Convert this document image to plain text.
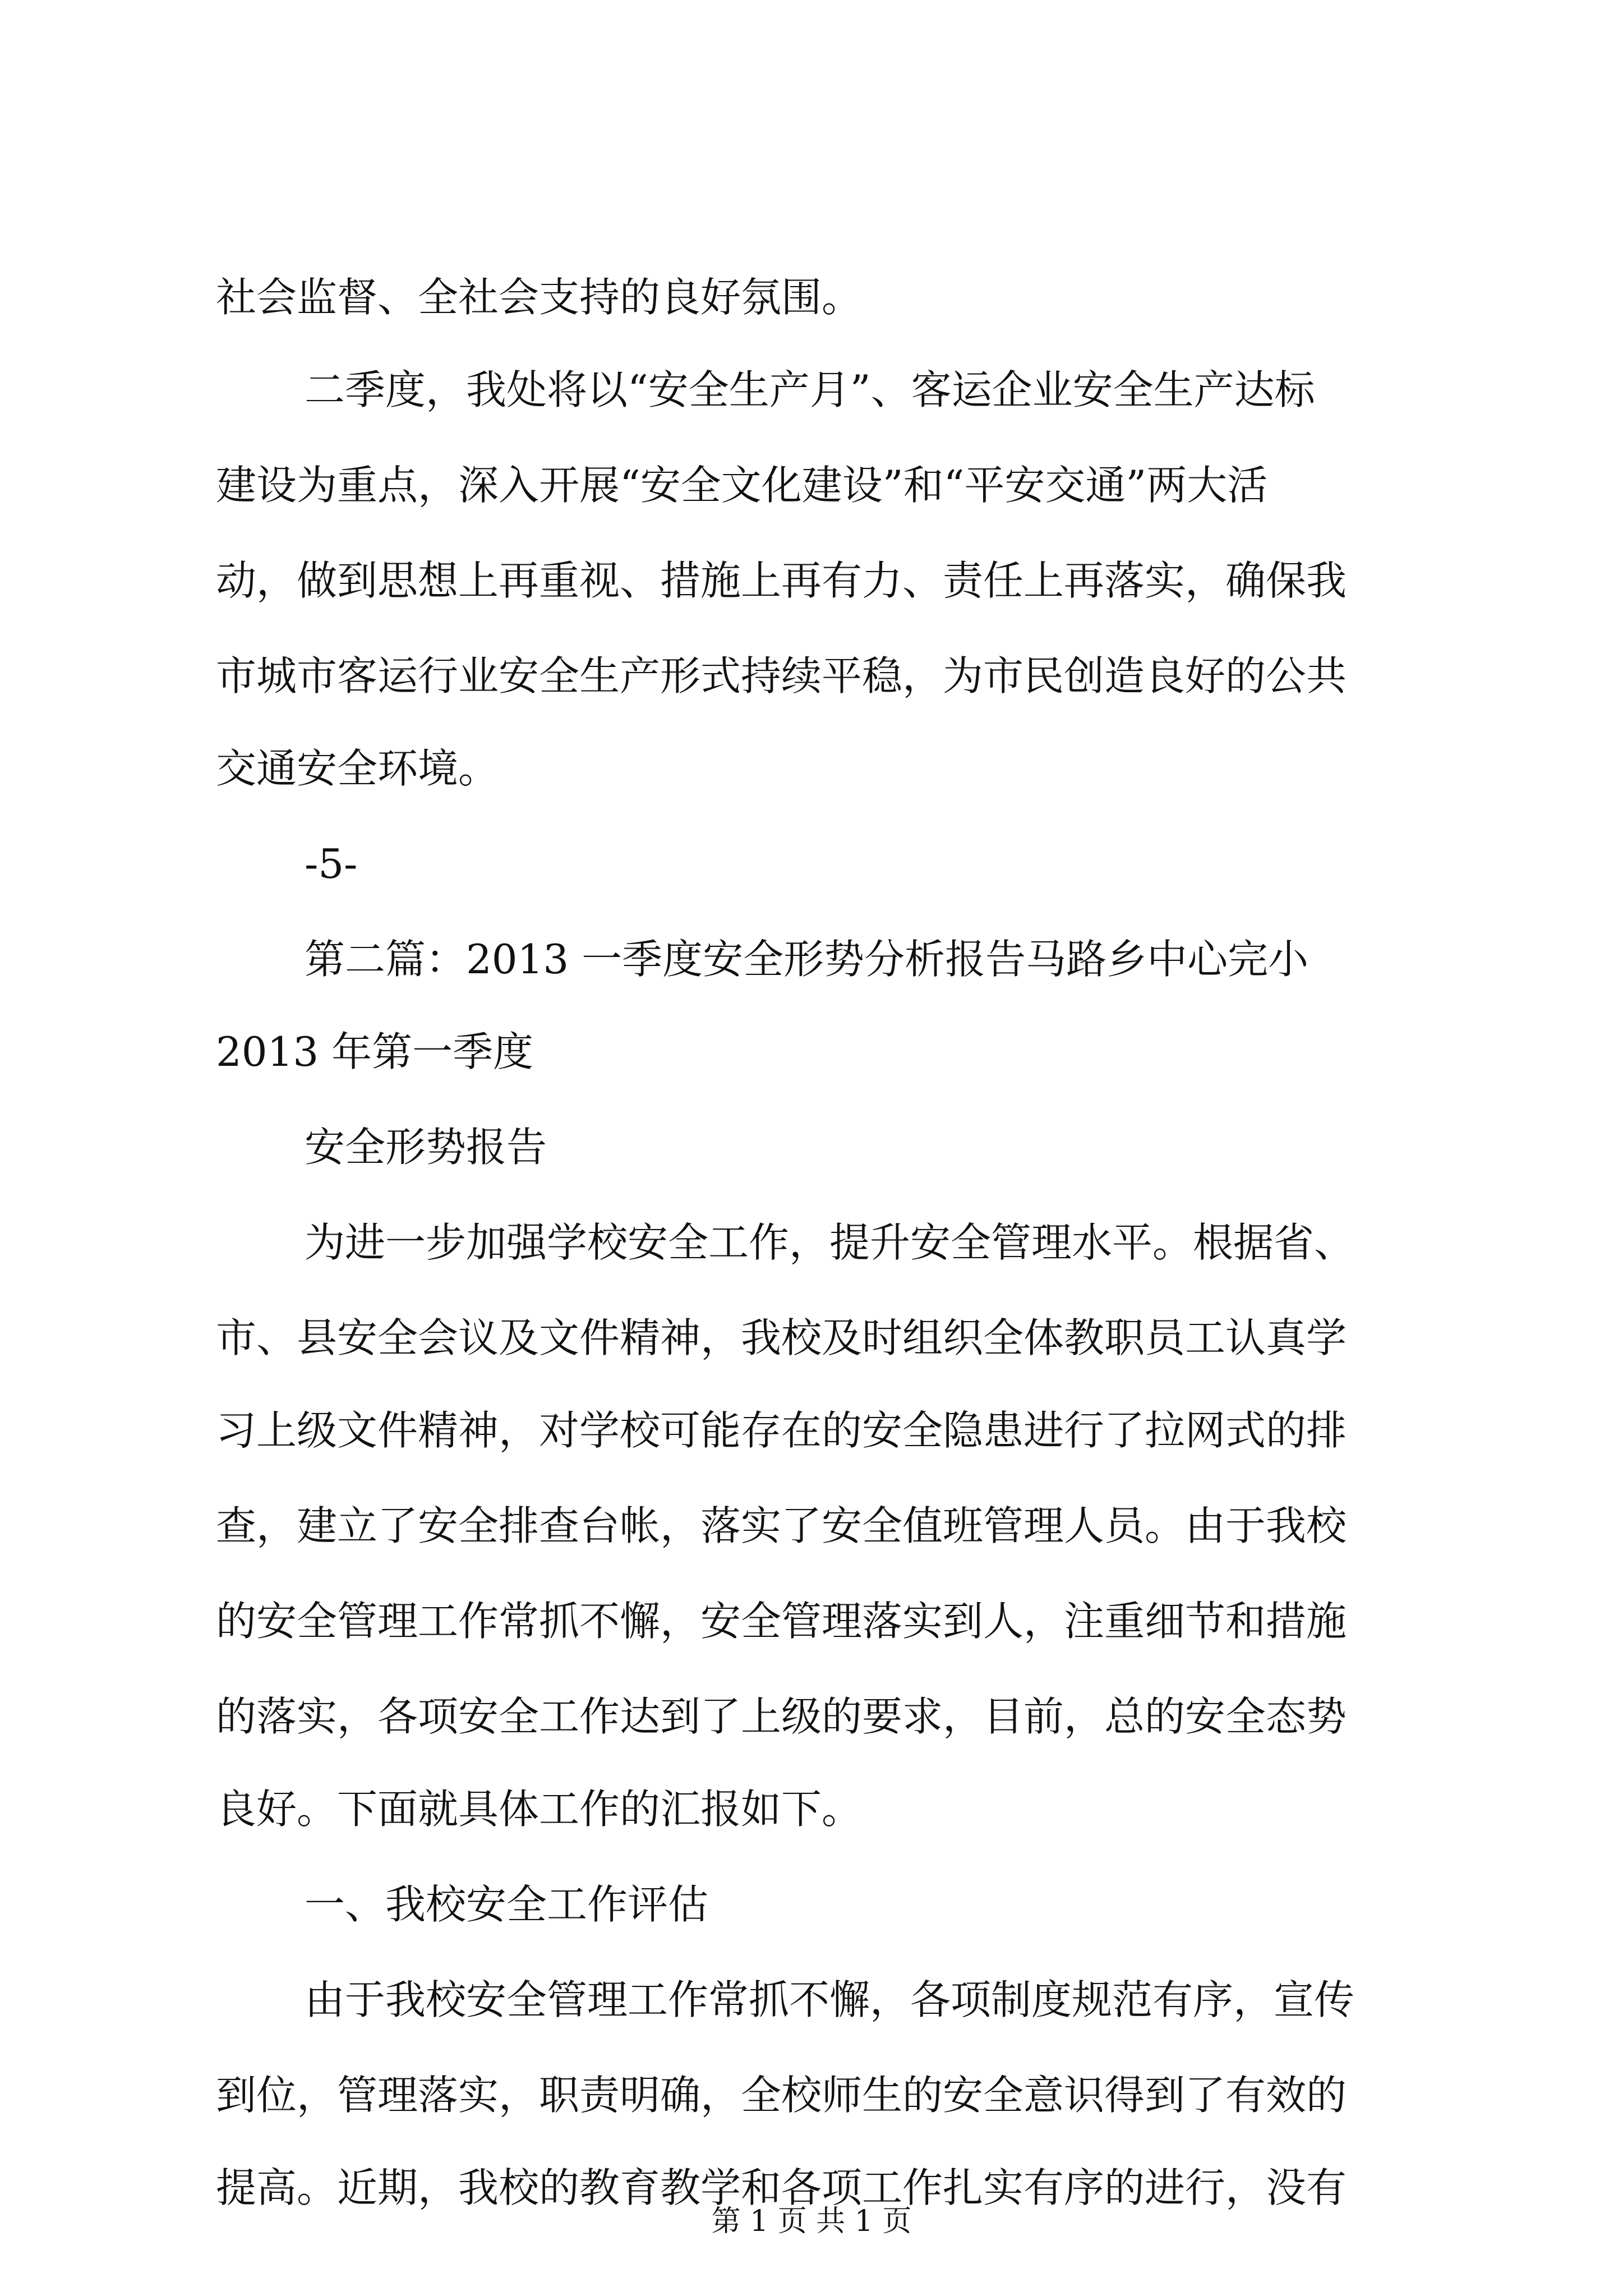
社会监督、全社会支持的良好氛围。
二季度，我处将以“安全生产月”、客运企业安全生产达标
建设为重点，深入开展“安全文化建设”和“平安交通”两大活
动，做到思想上再重视、措施上再有力、责任上再落实，确保我
市城市客运行业安全生产形式持续平稳，为市民创造良好的公共
交通安全环境。
-5-
第二篇：2013 一季度安全形势分析报告马路乡中心完小
2013 年第一季度
安全形势报告
为进一步加强学校安全工作，提升安全管理水平。根据省、
市、县安全会议及文件精神，我校及时组织全体教职员工认真学
习上级文件精神，对学校可能存在的安全隐患进行了拉网式的排
查，建立了安全排查台帐，落实了安全值班管理人员。由于我校
的安全管理工作常抓不懈，安全管理落实到人，注重细节和措施
的落实，各项安全工作达到了上级的要求，目前，总的安全态势
良好。下面就具体工作的汇报如下。
一、我校安全工作评估
由于我校安全管理工作常抓不懈，各项制度规范有序，宣传
到位，管理落实，职责明确，全校师生的安全意识得到了有效的
提高。近期，我校的教育教学和各项工作扎实有序的进行，没有
第 1 页 共 1 页
